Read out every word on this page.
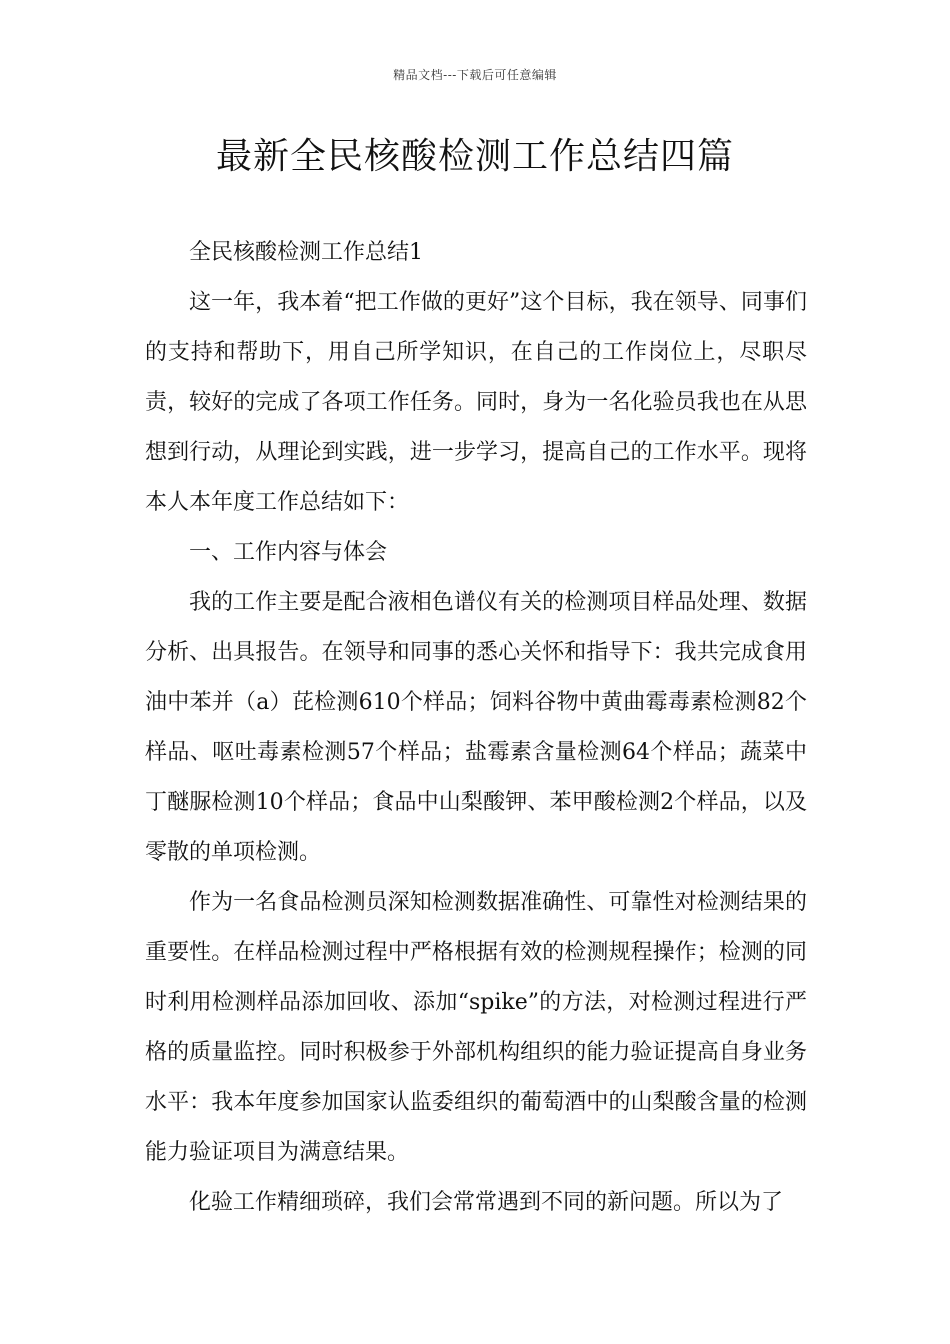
精品文档---下载后可任意编辑
最新全民核酸检测工作总结四篇

全民核酸检测工作总结1

这一年，我本着“把工作做的更好”这个目标，我在领导、同事们的支持和帮助下，用自己所学知识，在自己的工作岗位上，尽职尽责，较好的完成了各项工作任务。同时，身为一名化验员我也在从思想到行动，从理论到实践，进一步学习，提高自己的工作水平。现将本人本年度工作总结如下：

一、工作内容与体会

我的工作主要是配合液相色谱仪有关的检测项目样品处理、数据分析、出具报告。在领导和同事的悉心关怀和指导下：我共完成食用油中苯并（a）芘检测610个样品；饲料谷物中黄曲霉毒素检测82个样品、呕吐毒素检测57个样品；盐霉素含量检测64个样品；蔬菜中丁醚脲检测10个样品；食品中山梨酸钾、苯甲酸检测2个样品，以及零散的单项检测。

作为一名食品检测员深知检测数据准确性、可靠性对检测结果的重要性。在样品检测过程中严格根据有效的检测规程操作；检测的同时利用检测样品添加回收、添加“spike”的方法，对检测过程进行严格的质量监控。同时积极参于外部机构组织的能力验证提高自身业务水平：我本年度参加国家认监委组织的葡萄酒中的山梨酸含量的检测能力验证项目为满意结果。

化验工作精细琐碎，我们会常常遇到不同的新问题。所以为了
